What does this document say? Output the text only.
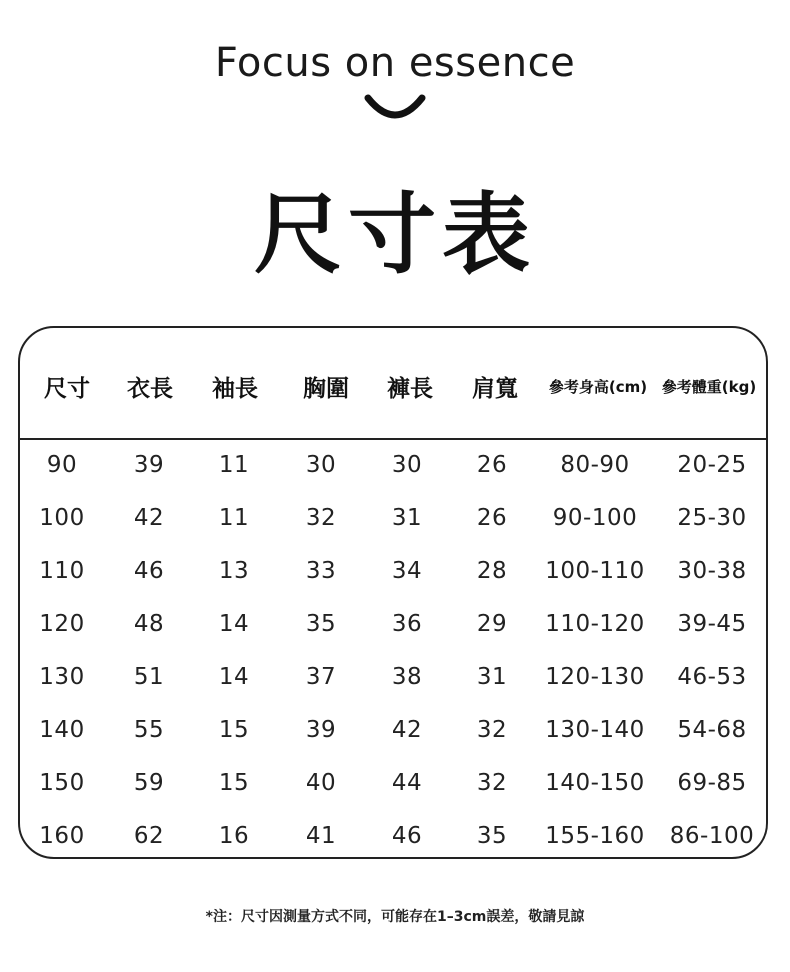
Focus on essence
尺寸表
尺寸 衣長 袖長 胸圍 褲長 肩寬 參考身高(cm) 參考體重(kg)
90 39 11 30 30 26 80-90 20-25
100 42 11 32 31 26 90-100 25-30
110 46 13 33 34 28 100-110 30-38
120 48 14 35 36 29 110-120 39-45
130 51 14 37 38 31 120-130 46-53
140 55 15 39 42 32 130-140 54-68
150 59 15 40 44 32 140-150 69-85
160 62 16 41 46 35 155-160 86-100
*注：尺寸因測量方式不同，可能存在1–3cm誤差，敬請見諒
